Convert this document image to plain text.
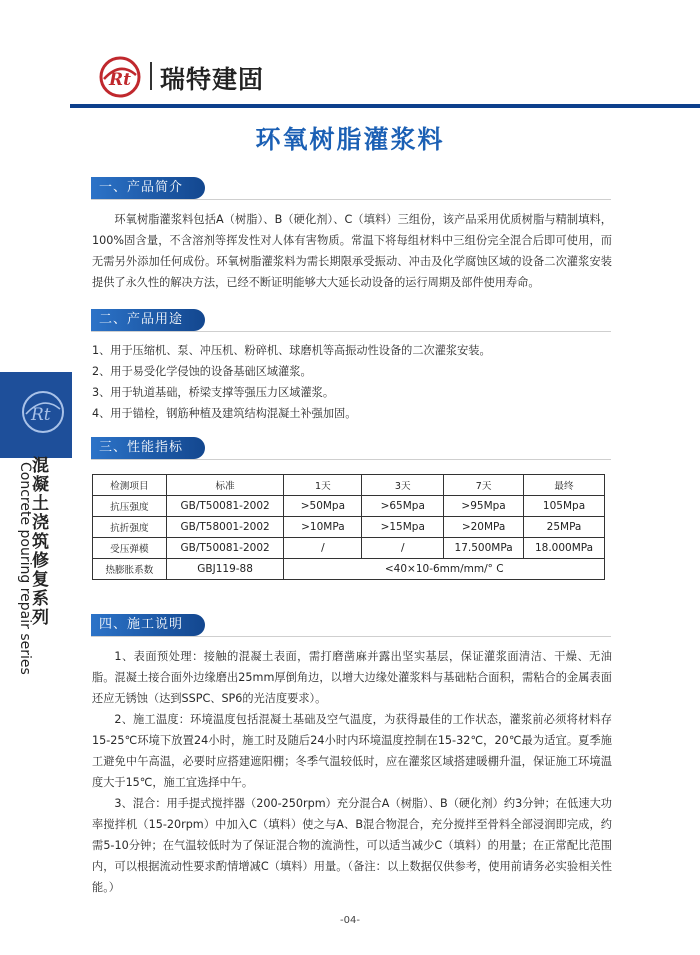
Rt 瑞特建固
环氧树脂灌浆料
Rt
混凝土浇筑修复系列
Concrete pouring repair series
一、产品简介

环氧树脂灌浆料包括A（树脂）、B（硬化剂）、C（填料）三组份，该产品采用优质树脂与精制填料，100%固含量，不含溶剂等挥发性对人体有害物质。常温下将每组材料中三组份完全混合后即可使用，而无需另外添加任何成份。环氧树脂灌浆料为需长期限承受振动、冲击及化学腐蚀区域的设备二次灌浆安装提供了永久性的解决方法，已经不断证明能够大大延长动设备的运行周期及部件使用寿命。

二、产品用途
1、用于压缩机、泵、冲压机、粉碎机、球磨机等高振动性设备的二次灌浆安装。
2、用于易受化学侵蚀的设备基础区域灌浆。
3、用于轨道基础，桥梁支撑等强压力区域灌浆。
4、用于锚栓，钢筋种植及建筑结构混凝土补强加固。
三、性能指标
检测项目	标准	1天	3天	7天	最终
抗压强度	GB/T50081-2002	>50Mpa	>65Mpa	>95Mpa	105Mpa
抗折强度	GB/T58001-2002	>10MPa	>15Mpa	>20MPa	25MPa
受压弹模	GB/T50081-2002	/	/	17.500MPa	18.000MPa
热膨胀系数	GBJ119-88	<40×10-6mm/mm/° C			
四、施工说明

1、表面预处理：接触的混凝土表面，需打磨凿麻并露出坚实基层，保证灌浆面清洁、干燥、无油脂。混凝土接合面外边缘磨出25mm厚倒角边，以增大边缘处灌浆料与基础粘合面积，需粘合的金属表面还应无锈蚀（达到SSPC、SP6的光洁度要求）。

2、施工温度：环境温度包括混凝土基础及空气温度，为获得最佳的工作状态，灌浆前必须将材料存15-25℃环境下放置24小时，施工时及随后24小时内环境温度控制在15-32℃，20℃最为适宜。夏季施工避免中午高温，必要时应搭建遮阳棚；冬季气温较低时，应在灌浆区域搭建暖棚升温，保证施工环境温度大于15℃，施工宜选择中午。

3、混合：用手提式搅拌器（200-250rpm）充分混合A（树脂）、B（硬化剂）约3分钟；在低速大功率搅拌机（15-20rpm）中加入C（填料）使之与A、B混合物混合，充分搅拌至骨料全部浸润即完成，约需5-10分钟；在气温较低时为了保证混合物的流淌性，可以适当减少C（填料）的用量；在正常配比范围内，可以根据流动性要求酌情增减C（填料）用量。（备注：以上数据仅供参考，使用前请务必实验相关性能。）

-04-
